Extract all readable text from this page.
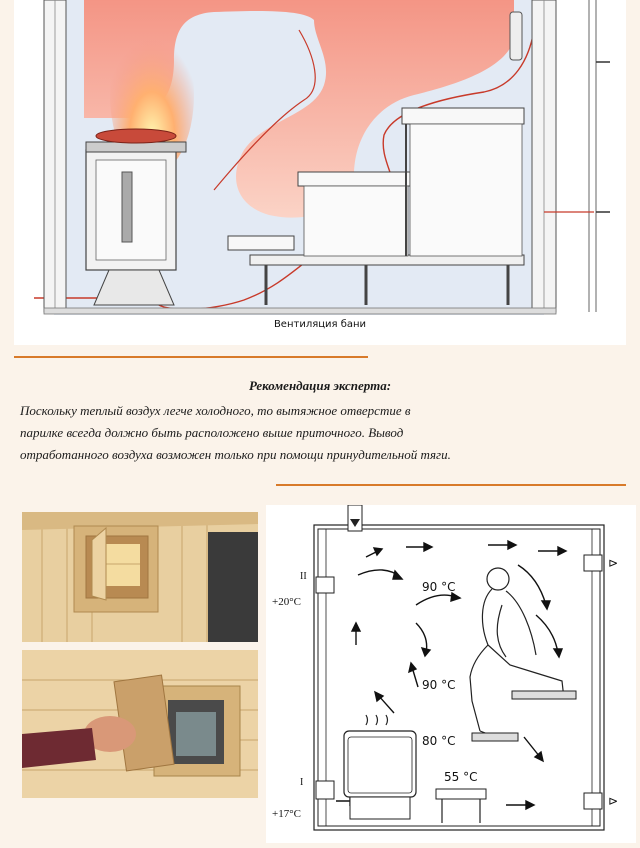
Вентиляция бани
Рекомендация эксперта:
Поскольку теплый воздух легче холодного, то вытяжное отверстие в
парилке всегда должно быть расположено выше приточного. Вывод
отработанного воздуха возможен только при помощи принудительной тяги.
⊳
⊳
II
I
+20°C
+17°C
90 °C
90 °C
80 °C
55 °C
